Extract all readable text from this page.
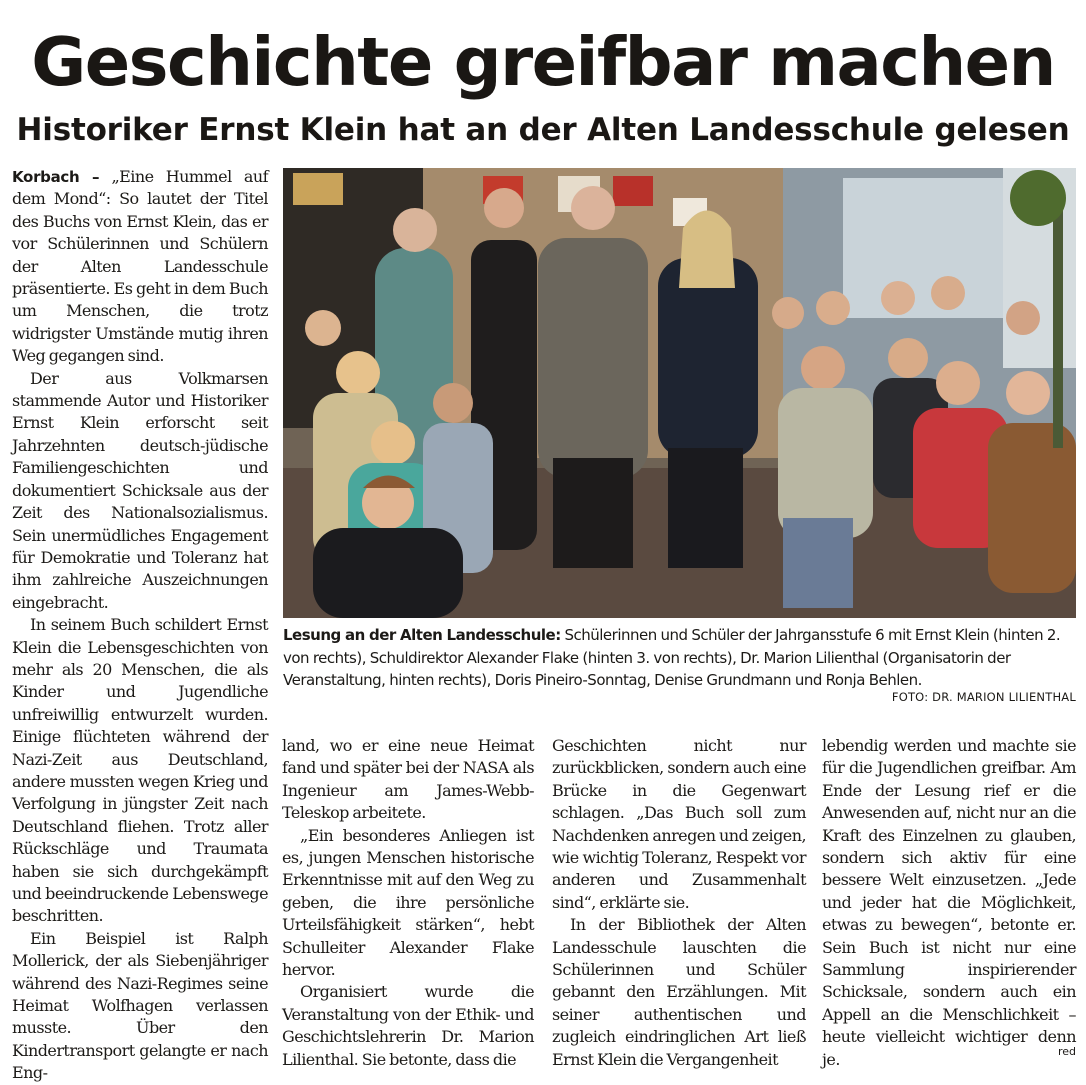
Geschichte greifbar machen
Historiker Ernst Klein hat an der Alten Landesschule gelesen

Korbach – „Eine Hummel auf dem Mond“: So lautet der Titel des Buchs von Ernst Klein, das er vor Schülerinnen und Schülern der Alten Landesschule präsentierte. Es geht in dem Buch um Menschen, die trotz widrigster Umstände mutig ihren Weg gegangen sind.

Der aus Volkmarsen stammende Autor und Historiker Ernst Klein erforscht seit Jahrzehnten deutsch-jüdische Familiengeschichten und dokumentiert Schicksale aus der Zeit des Nationalsozialismus. Sein unermüdliches Engagement für Demokratie und Toleranz hat ihm zahlreiche Auszeichnungen eingebracht.

In seinem Buch schildert Ernst Klein die Lebensgeschichten von mehr als 20 Menschen, die als Kinder und Jugendliche unfreiwillig entwurzelt wurden. Einige flüchteten während der Nazi-Zeit aus Deutschland, andere mussten wegen Krieg und Verfolgung in jüngster Zeit nach Deutschland fliehen. Trotz aller Rückschläge und Traumata haben sie sich durchgekämpft und beeindruckende Lebenswege beschritten.

Ein Beispiel ist Ralph Mollerick, der als Siebenjähriger während des Nazi-Regimes seine Heimat Wolfhagen verlassen musste. Über den Kindertransport gelangte er nach Eng-

Lesung an der Alten Landesschule: Schülerinnen und Schüler der Jahrgansstufe 6 mit Ernst Klein (hinten 2. von rechts), Schuldirektor Alexander Flake (hinten 3. von rechts), Dr. Marion Lilienthal (Organisatorin der Veranstaltung, hinten rechts), Doris Pineiro-Sonntag, Denise Grundmann und Ronja Behlen.

FOTO: DR. MARION LILIENTHAL

land, wo er eine neue Heimat fand und später bei der NASA als Ingenieur am James-Webb-Teleskop arbeitete.

„Ein besonderes Anliegen ist es, jungen Menschen historische Erkenntnisse mit auf den Weg zu geben, die ihre persönliche Urteilsfähigkeit stärken“, hebt Schulleiter Alexander Flake hervor.

Organisiert wurde die Veranstaltung von der Ethik- und Geschichtslehrerin Dr. Marion Lilienthal. Sie betonte, dass die

Geschichten nicht nur zurückblicken, sondern auch eine Brücke in die Gegenwart schlagen. „Das Buch soll zum Nachdenken anregen und zeigen, wie wichtig Toleranz, Respekt vor anderen und Zusammenhalt sind“, erklärte sie.

In der Bibliothek der Alten Landesschule lauschten die Schülerinnen und Schüler gebannt den Erzählungen. Mit seiner authentischen und zugleich eindringlichen Art ließ Ernst Klein die Vergangenheit

lebendig werden und machte sie für die Jugendlichen greifbar. Am Ende der Lesung rief er die Anwesenden auf, nicht nur an die Kraft des Einzelnen zu glauben, sondern sich aktiv für eine bessere Welt einzusetzen. „Jede und jeder hat die Möglichkeit, etwas zu bewegen“, betonte er. Sein Buch ist nicht nur eine Sammlung inspirierender Schicksale, sondern auch ein Appell an die Menschlichkeit – heute vielleicht wichtiger denn je.	red
